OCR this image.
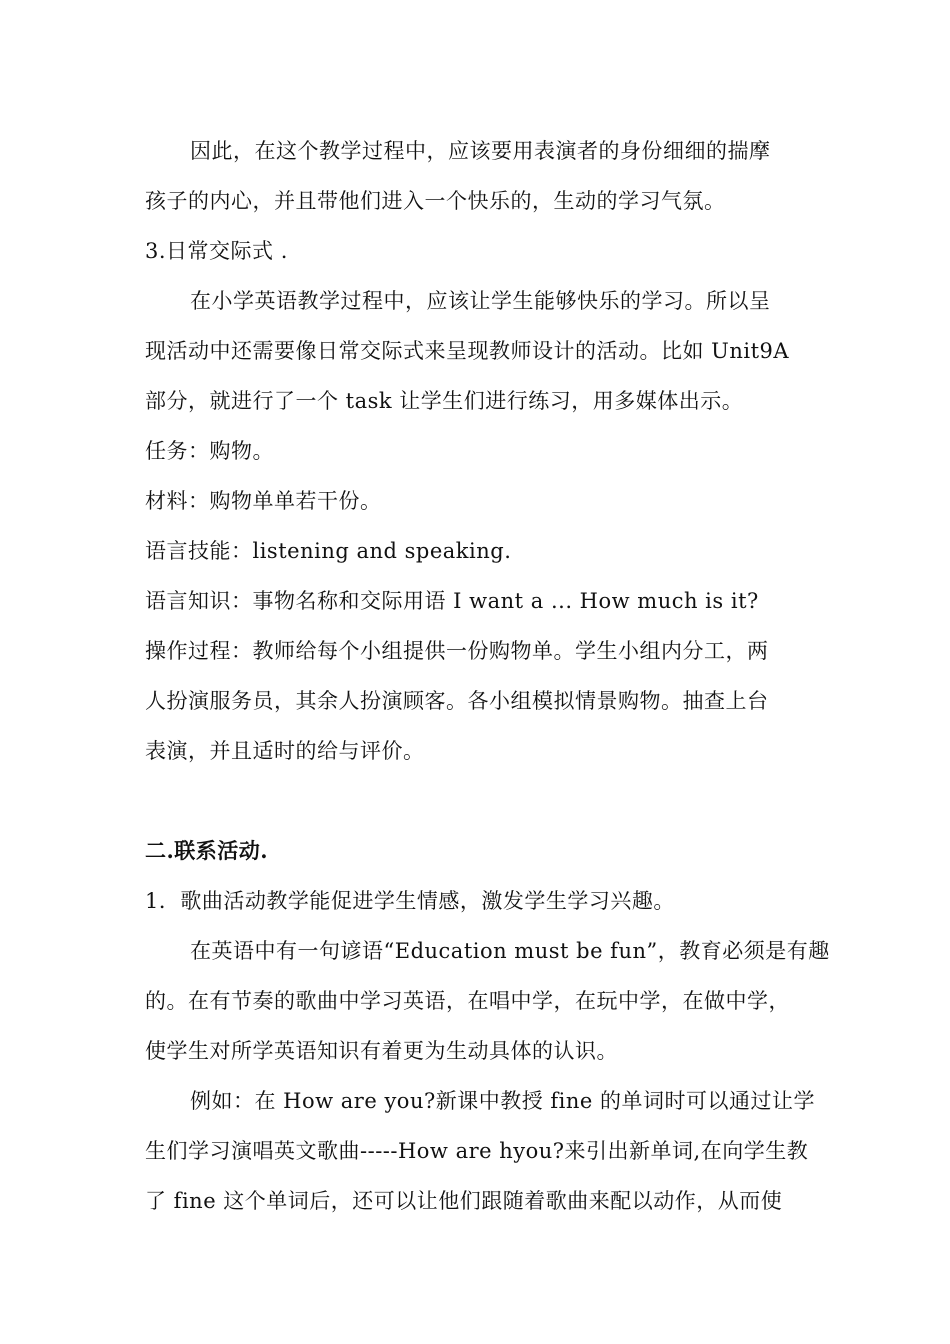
因此，在这个教学过程中，应该要用表演者的身份细细的揣摩
孩子的内心，并且带他们进入一个快乐的，生动的学习气氛。
3.日常交际式 .
在小学英语教学过程中，应该让学生能够快乐的学习。所以呈
现活动中还需要像日常交际式来呈现教师设计的活动。比如 Unit9A
部分，就进行了一个 task 让学生们进行练习，用多媒体出示。
任务：购物。
材料：购物单单若干份。
语言技能：listening and speaking.
语言知识：事物名称和交际用语 I want a ... How much is it?
操作过程：教师给每个小组提供一份购物单。学生小组内分工，两
人扮演服务员，其余人扮演顾客。各小组模拟情景购物。抽查上台
表演，并且适时的给与评价。
二.联系活动.
1．歌曲活动教学能促进学生情感，激发学生学习兴趣。
在英语中有一句谚语“Education must be fun”，教育必须是有趣
的。在有节奏的歌曲中学习英语，在唱中学，在玩中学，在做中学，
使学生对所学英语知识有着更为生动具体的认识。
例如：在 How are you?新课中教授 fine 的单词时可以通过让学
生们学习演唱英文歌曲-----How are hyou?来引出新单词,在向学生教
了 fine 这个单词后，还可以让他们跟随着歌曲来配以动作，从而使
